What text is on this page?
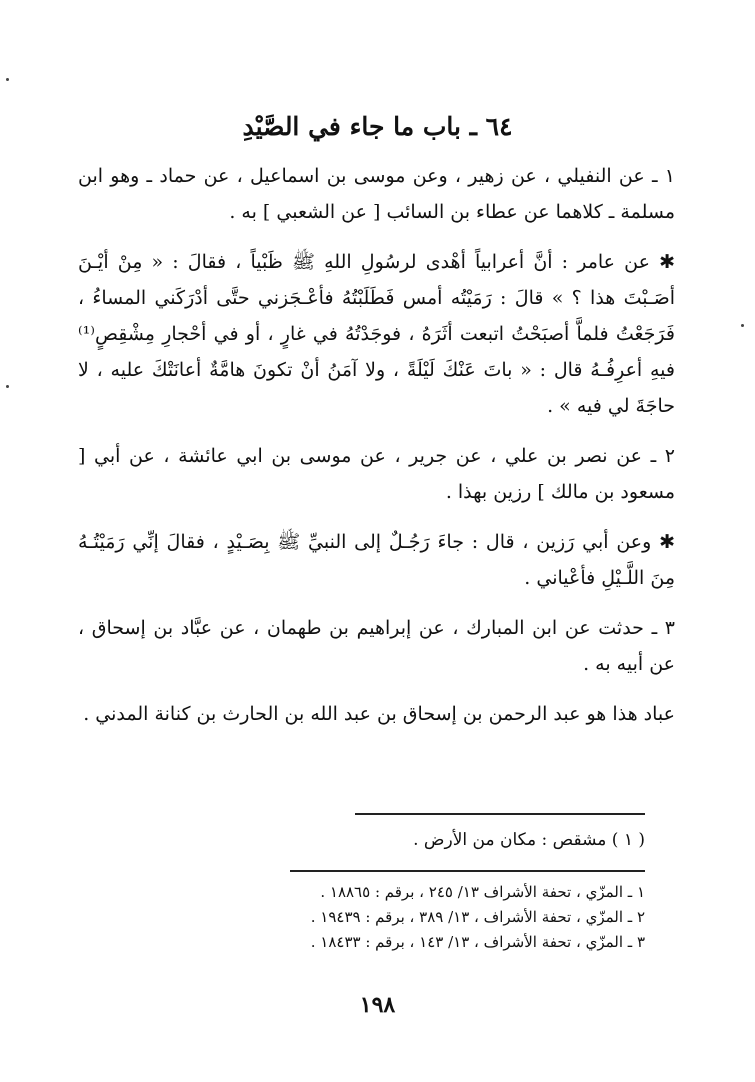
٦٤ ـ باب ما جاء في الصَّيْدِ

١ ـ عن النفيلي ، عن زهير ، وعن موسى بن اسماعيل ، عن حماد ـ وهو ابن مسلمة ـ كلاهما عن عطاء بن السائب [ عن الشعبي ] به .

✱ عن عامر : أنَّ أعرابياً أهْدى لرسُولِ اللهِ ﷺ ظَبْياً ، فقالَ : « مِنْ أيْـنَ أصَـبْتَ هذا ؟ » قالَ : رَمَيْتُه أمس فَطَلَبْتُهُ فأعْـجَزني حتَّى أدْرَكَني المساءُ ، فَرَجَعْتُ فلماَّ أصبَحْتُ اتبعت أثَرَهُ ، فوجَدْتُهُ في غارٍ ، أو في أحْجارِ مِشْقِصٍ⁽¹⁾ فيهِ أعرِفُـهُ قال : « باتَ عَنْكَ لَيْلَةً ، ولا آمَنُ أنْ تكونَ هامَّةٌ أعانَتْكَ عليه ، لا حاجَةَ لي فيه » .

٢ ـ عن نصر بن علي ، عن جرير ، عن موسى بن ابي عائشة ، عن أبي [ مسعود بن مالك ] رزين بهذا .

✱ وعن أبي رَزين ، قال : جاءَ رَجُـلٌ إلى النبيِّ ﷺ بِصَـيْدٍ ، فقالَ إنِّي رَمَيْتُـهُ مِنَ اللَّـيْلِ فأعْياني .

٣ ـ حدثت عن ابن المبارك ، عن إبراهيم بن طهمان ، عن عبَّاد بن إسحاق ، عن أبيه به .

عباد هذا هو عبد الرحمن بن إسحاق بن عبد الله بن الحارث بن كنانة المدني .

( ١ ) مشقص : مكان من الأرض .
١ ـ المزّي ، تحفة الأشراف ١٣/ ٢٤٥ ، برقم : ١٨٨٦٥ .
٢ ـ المزّي ، تحفة الأشراف ، ١٣/ ٣٨٩ ، برقم : ١٩٤٣٩ .
٣ ـ المزّي ، تحفة الأشراف ، ١٣/ ١٤٣ ، برقم : ١٨٤٣٣ .
١٩٨
